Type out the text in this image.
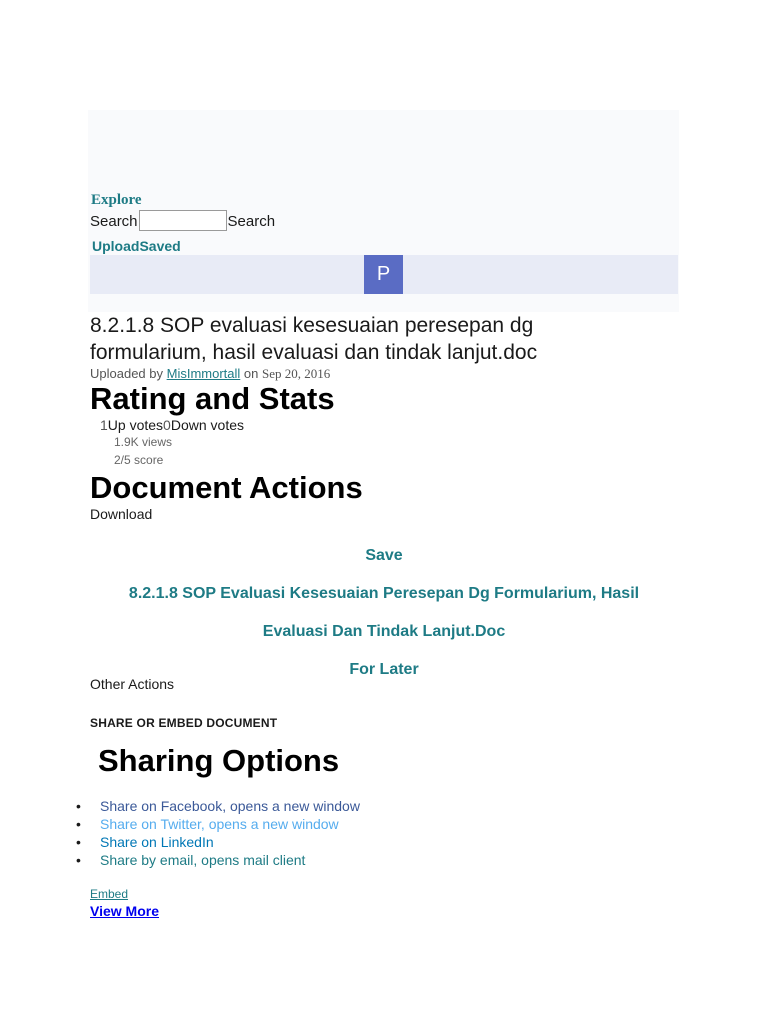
Explore
Search	Search
UploadSaved
P
8.2.1.8 SOP evaluasi kesesuaian peresepan dg formularium, hasil evaluasi dan tindak lanjut.doc
Uploaded by MisImmortall on Sep 20, 2016
Rating and Stats
1Up votes0Down votes
1.9K views
2/5 score
Document Actions
Download
Save
8.2.1.8 SOP Evaluasi Kesesuaian Peresepan Dg Formularium, Hasil
Evaluasi Dan Tindak Lanjut.Doc
For Later
Other Actions
SHARE OR EMBED DOCUMENT
Sharing Options
• Share on Facebook, opens a new window
• Share on Twitter, opens a new window
• Share on LinkedIn
• Share by email, opens mail client
Embed
View More
